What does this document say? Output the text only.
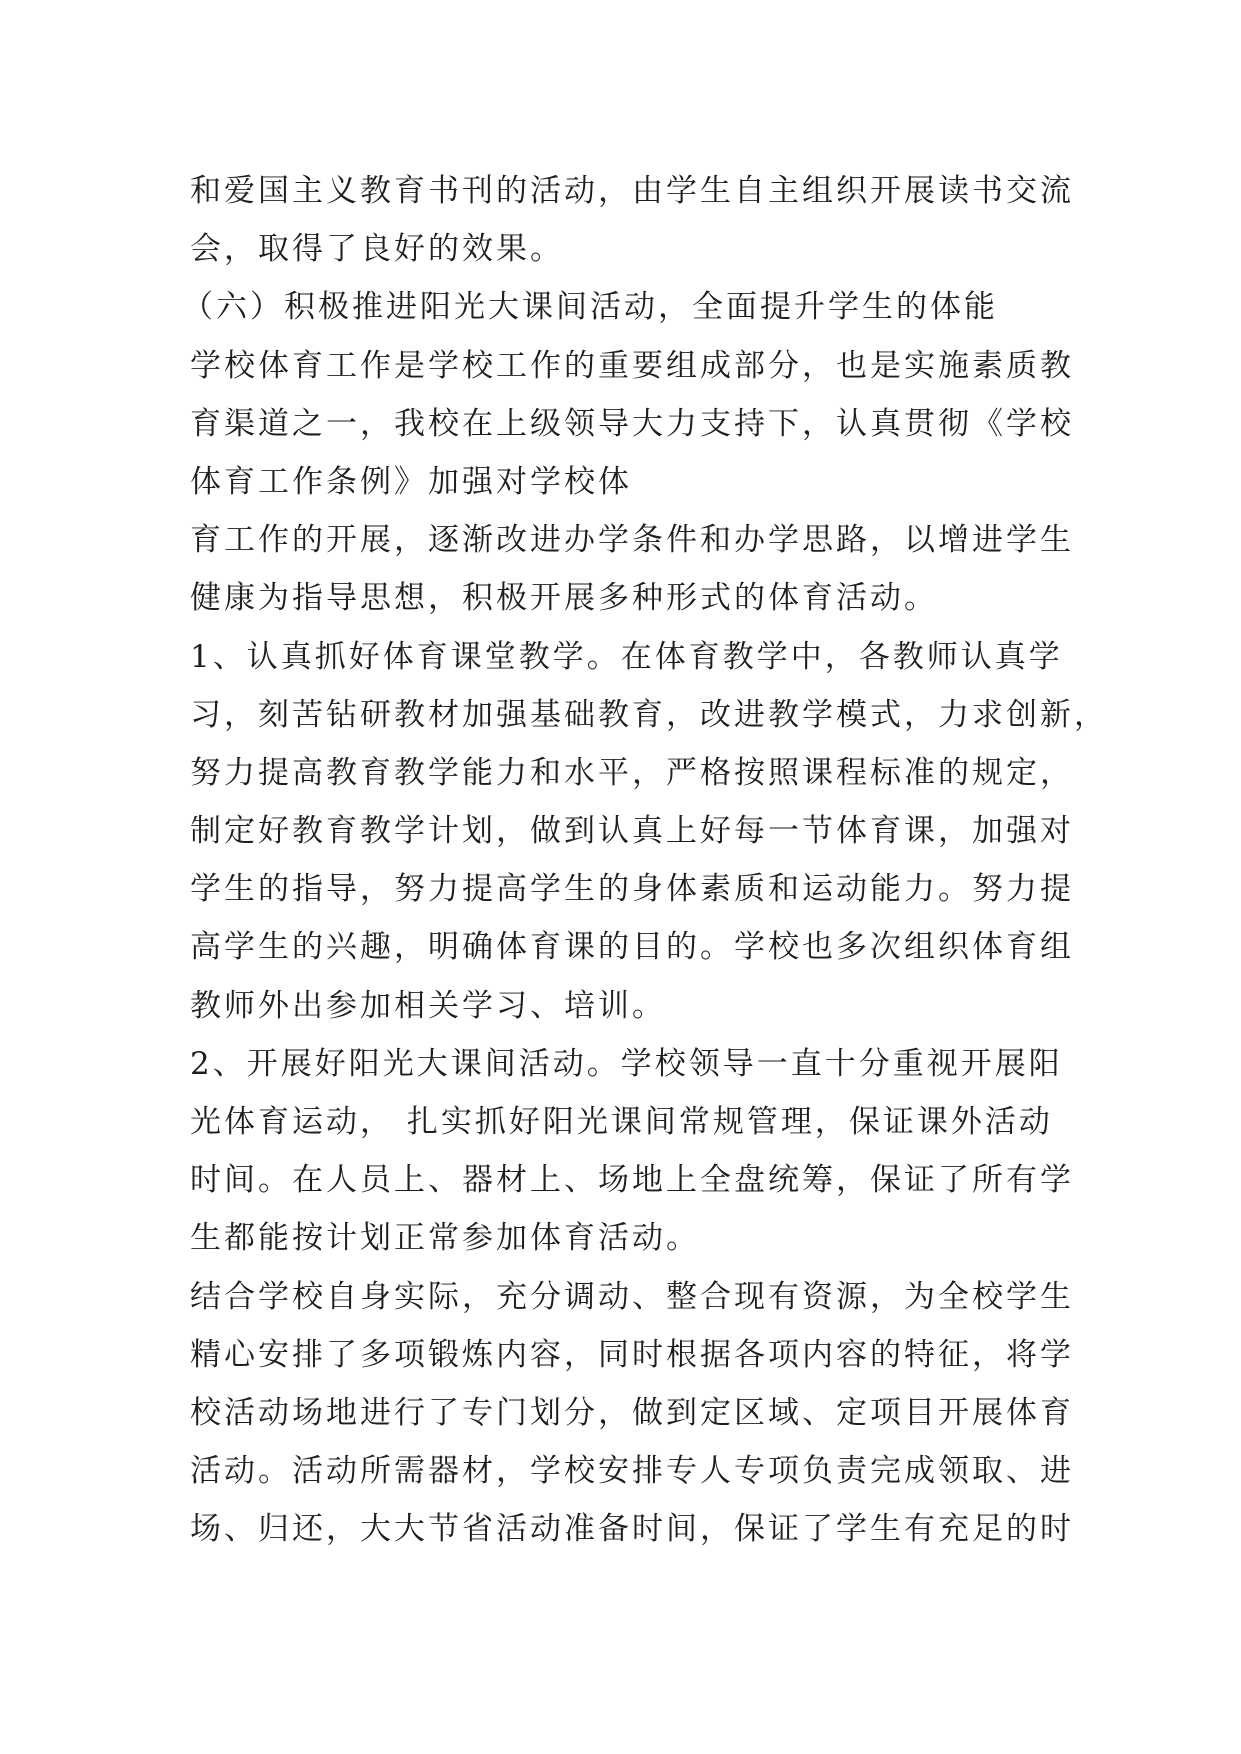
和爱国主义教育书刊的活动，由学生自主组织开展读书交流
会，取得了良好的效果。
（六）积极推进阳光大课间活动，全面提升学生的体能
学校体育工作是学校工作的重要组成部分，也是实施素质教
育渠道之一，我校在上级领导大力支持下，认真贯彻《学校
体育工作条例》加强对学校体
育工作的开展，逐渐改进办学条件和办学思路，以增进学生
健康为指导思想，积极开展多种形式的体育活动。
1、认真抓好体育课堂教学。在体育教学中，各教师认真学
习，刻苦钻研教材加强基础教育，改进教学模式，力求创新，
努力提高教育教学能力和水平，严格按照课程标准的规定，
制定好教育教学计划，做到认真上好每一节体育课，加强对
学生的指导，努力提高学生的身体素质和运动能力。努力提
高学生的兴趣，明确体育课的目的。学校也多次组织体育组
教师外出参加相关学习、培训。
2、开展好阳光大课间活动。学校领导一直十分重视开展阳
光体育运动， 扎实抓好阳光课间常规管理，保证课外活动
时间。在人员上、器材上、场地上全盘统筹，保证了所有学
生都能按计划正常参加体育活动。
结合学校自身实际，充分调动、整合现有资源，为全校学生
精心安排了多项锻炼内容，同时根据各项内容的特征，将学
校活动场地进行了专门划分，做到定区域、定项目开展体育
活动。活动所需器材，学校安排专人专项负责完成领取、进
场、归还，大大节省活动准备时间，保证了学生有充足的时
